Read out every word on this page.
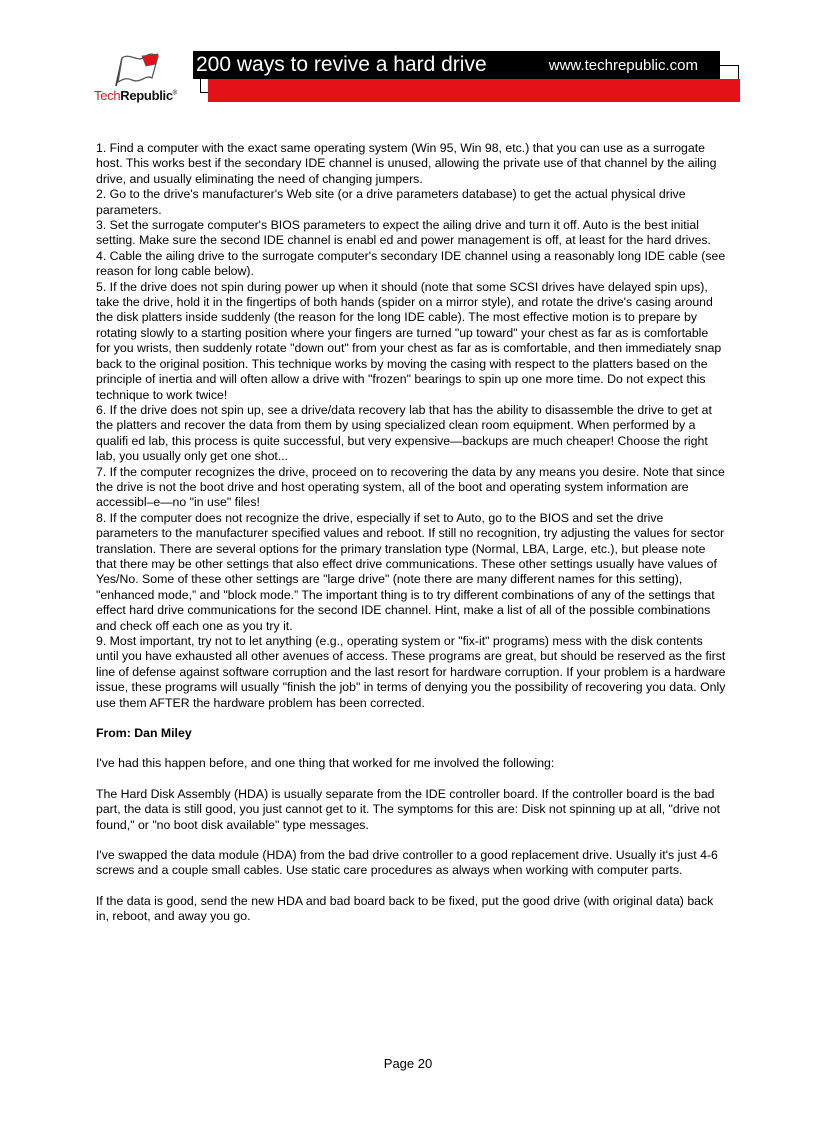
TechRepublic®
200 ways to revive a hard drive	www.techrepublic.com

1. Find a computer with the exact same operating system (Win 95, Win 98, etc.) that you can use as a surrogate host. This works best if the secondary IDE channel is unused, allowing the private use of that channel by the ailing drive, and usually eliminating the need of changing jumpers.

2. Go to the drive's manufacturer's Web site (or a drive parameters database) to get the actual physical drive parameters.

3. Set the surrogate computer's BIOS parameters to expect the ailing drive and turn it off. Auto is the best initial setting. Make sure the second IDE channel is enabl ed and power management is off, at least for the hard drives.

4. Cable the ailing drive to the surrogate computer's secondary IDE channel using a reasonably long IDE cable (see reason for long cable below).

5. If the drive does not spin during power up when it should (note that some SCSI drives have delayed spin ups), take the drive, hold it in the fingertips of both hands (spider on a mirror style), and rotate the drive's casing around the disk platters inside suddenly (the reason for the long IDE cable). The most effective motion is to prepare by rotating slowly to a starting position where your fingers are turned "up toward" your chest as far as is comfortable for you wrists, then suddenly rotate "down out" from your chest as far as is comfortable, and then immediately snap back to the original position. This technique works by moving the casing with respect to the platters based on the principle of inertia and will often allow a drive with "frozen" bearings to spin up one more time. Do not expect this technique to work twice!

6. If the drive does not spin up, see a drive/data recovery lab that has the ability to disassemble the drive to get at the platters and recover the data from them by using specialized clean room equipment. When performed by a qualifi ed lab, this process is quite successful, but very expensive—backups are much cheaper! Choose the right lab, you usually only get one shot...

7. If the computer recognizes the drive, proceed on to recovering the data by any means you desire. Note that since the drive is not the boot drive and host operating system, all of the boot and operating system information are accessibl–e—no "in use" files!

8. If the computer does not recognize the drive, especially if set to Auto, go to the BIOS and set the drive parameters to the manufacturer specified values and reboot. If still no recognition, try adjusting the values for sector translation. There are several options for the primary translation type (Normal, LBA, Large, etc.), but please note that there may be other settings that also effect drive communications. These other settings usually have values of Yes/No. Some of these other settings are "large drive" (note there are many different names for this setting), "enhanced mode,” and "block mode.” The important thing is to try different combinations of any of the settings that effect hard drive communications for the second IDE channel. Hint, make a list of all of the possible combinations and check off each one as you try it.

9. Most important, try not to let anything (e.g., operating system or "fix-it" programs) mess with the disk contents until you have exhausted all other avenues of access. These programs are great, but should be reserved as the first line of defense against software corruption and the last resort for hardware corruption. If your problem is a hardware issue, these programs will usually "finish the job" in terms of denying you the possibility of recovering you data. Only use them AFTER the hardware problem has been corrected.

From: Dan Miley

I've had this happen before, and one thing that worked for me involved the following:

The Hard Disk Assembly (HDA) is usually separate from the IDE controller board. If the controller board is the bad part, the data is still good, you just cannot get to it. The symptoms for this are: Disk not spinning up at all, "drive not found," or "no boot disk available" type messages.

I've swapped the data module (HDA) from the bad drive controller to a good replacement drive. Usually it's just 4-6 screws and a couple small cables. Use static care procedures as always when working with computer parts.

If the data is good, send the new HDA and bad board back to be fixed, put the good drive (with original data) back in, reboot, and away you go.

Page 20
